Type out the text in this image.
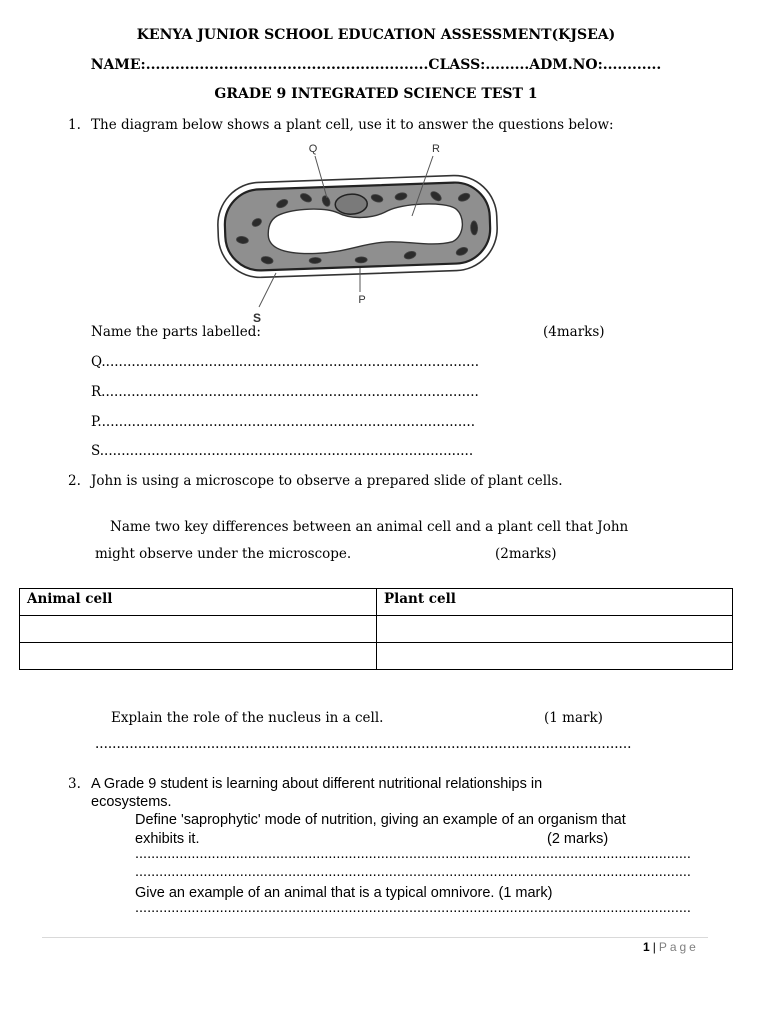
KENYA JUNIOR SCHOOL EDUCATION ASSESSMENT(KJSEA)
NAME:..........................................................CLASS:.........ADM.NO:............
GRADE 9 INTEGRATED SCIENCE TEST 1
1. The diagram below shows a plant cell, use it to answer the questions below:
Q	R
P
S
Name the parts labelled:	(4marks)
Q........................................................................................
R........................................................................................
P........................................................................................
S.......................................................................................
2. John is using a microscope to observe a prepared slide of plant cells.
Name two key differences between an animal cell and a plant cell that John
might observe under the microscope.	(2marks)
Animal cell	Plant cell

Explain the role of the nucleus in a cell.	(1 mark)
.............................................................................................................................
3. A Grade 9 student is learning about different nutritional relationships in
ecosystems.
Define 'saprophytic' mode of nutrition, giving an example of an organism that
exhibits it.	(2 marks)
..........................................................................................................................................
..........................................................................................................................................
Give an example of an animal that is a typical omnivore. (1 mark)
..........................................................................................................................................
1 | Page
